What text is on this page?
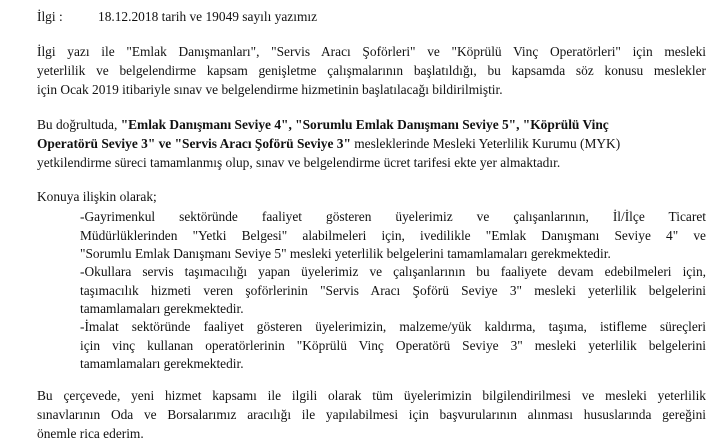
İlgi :	18.12.2018 tarih ve 19049 sayılı yazımız
İlgi yazı ile "Emlak Danışmanları", "Servis Aracı Şoförleri" ve "Köprülü Vinç Operatörleri" için mesleki
yeterlilik ve belgelendirme kapsam genişletme çalışmalarının başlatıldığı, bu kapsamda söz konusu meslekler
için Ocak 2019 itibariyle sınav ve belgelendirme hizmetinin başlatılacağı bildirilmiştir.
Bu doğrultuda, "Emlak Danışmanı Seviye 4", "Sorumlu Emlak Danışmanı Seviye 5", "Köprülü Vinç
Operatörü Seviye 3" ve "Servis Aracı Şoförü Seviye 3" mesleklerinde Mesleki Yeterlilik Kurumu (MYK)
yetkilendirme süreci tamamlanmış olup, sınav ve belgelendirme ücret tarifesi ekte yer almaktadır.
Konuya ilişkin olarak;
-Gayrimenkul sektöründe faaliyet gösteren üyelerimiz ve çalışanlarının, İl/İlçe Ticaret
Müdürlüklerinden "Yetki Belgesi" alabilmeleri için, ivedilikle "Emlak Danışmanı Seviye 4" ve
"Sorumlu Emlak Danışmanı Seviye 5" mesleki yeterlilik belgelerini tamamlamaları gerekmektedir.
-Okullara servis taşımacılığı yapan üyelerimiz ve çalışanlarının bu faaliyete devam edebilmeleri için,
taşımacılık hizmeti veren şoförlerinin "Servis Aracı Şoförü Seviye 3" mesleki yeterlilik belgelerini
tamamlamaları gerekmektedir.
-İmalat sektöründe faaliyet gösteren üyelerimizin, malzeme/yük kaldırma, taşıma, istifleme süreçleri
için vinç kullanan operatörlerinin "Köprülü Vinç Operatörü Seviye 3" mesleki yeterlilik belgelerini
tamamlamaları gerekmektedir.
Bu çerçevede, yeni hizmet kapsamı ile ilgili olarak tüm üyelerimizin bilgilendirilmesi ve mesleki yeterlilik
sınavlarının Oda ve Borsalarımız aracılığı ile yapılabilmesi için başvurularının alınması hususlarında gereğini
önemle rica ederim.
